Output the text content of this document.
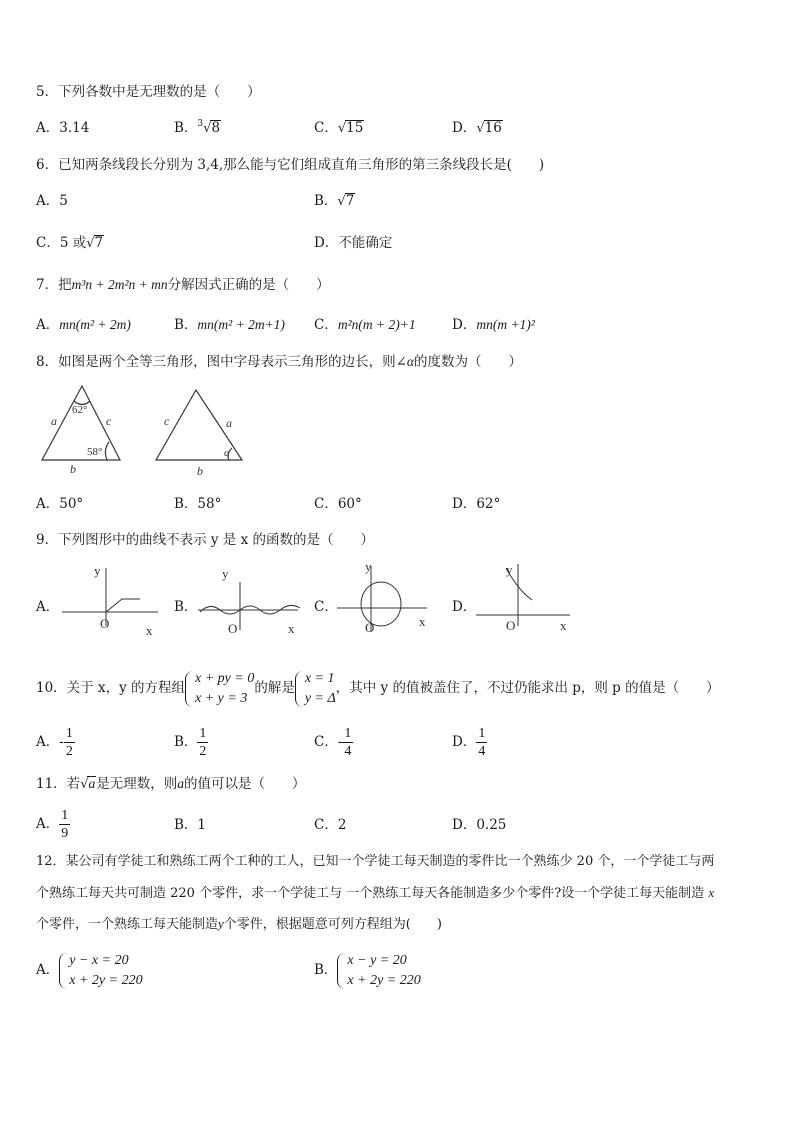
5．下列各数中是无理数的是（　　）
A．3.14	B．$^3$√8	C．√15	D．√16
6．已知两条线段长分别为 3,4,那么能与它们组成直角三角形的第三条线段长是(　　)
A．5	B．√7
C．5 或√7	D．不能确定
7．把m³n + 2m²n + mn分解因式正确的是（　　）
A．mn(m² + 2m)	B．mn(m² + 2m+1) C．m²n(m + 2)+1	D．mn(m +1)²
8．如图是两个全等三角形，图中字母表示三角形的边长，则∠α的度数为（　　）
a	c
b
62°
58°
c	a
b
α
A．50°	B．58°	C．60°	D．62°
9．下列图形中的曲线不表示 y 是 x 的函数的是（　　）
A．
y
O	x
B．
y
O	x
C．
y
O	x
D．
y
O	x
10．关于 x，y 的方程组
x + py = 0
x + y = 3
的解是
x = 1
y = Δ
，其中 y 的值被盖住了，不过仍能求出 p，则 p 的值是（　　）
A．- $\frac{1}{2}$	B． $\frac{1}{2}$	C．- $\frac{1}{4}$	D． $\frac{1}{4}$
11．若√a是无理数，则a的值可以是（　　）
A． $\frac{1}{9}$	B．1	C．2	D．0.25
12．某公司有学徒工和熟练工两个工种的工人，已知一个学徒工每天制造的零件比一个熟练少 20 个，一个学徒工与两
个熟练工每天共可制造 220 个零件，求一个学徒工与 一个熟练工每天各能制造多少个零件?设一个学徒工每天能制造 x
个零件，一个熟练工每天能制造y个零件，根据题意可列方程组为(　　)
A．
y − x = 20
x + 2y = 220
B．
x − y = 20
x + 2y = 220
